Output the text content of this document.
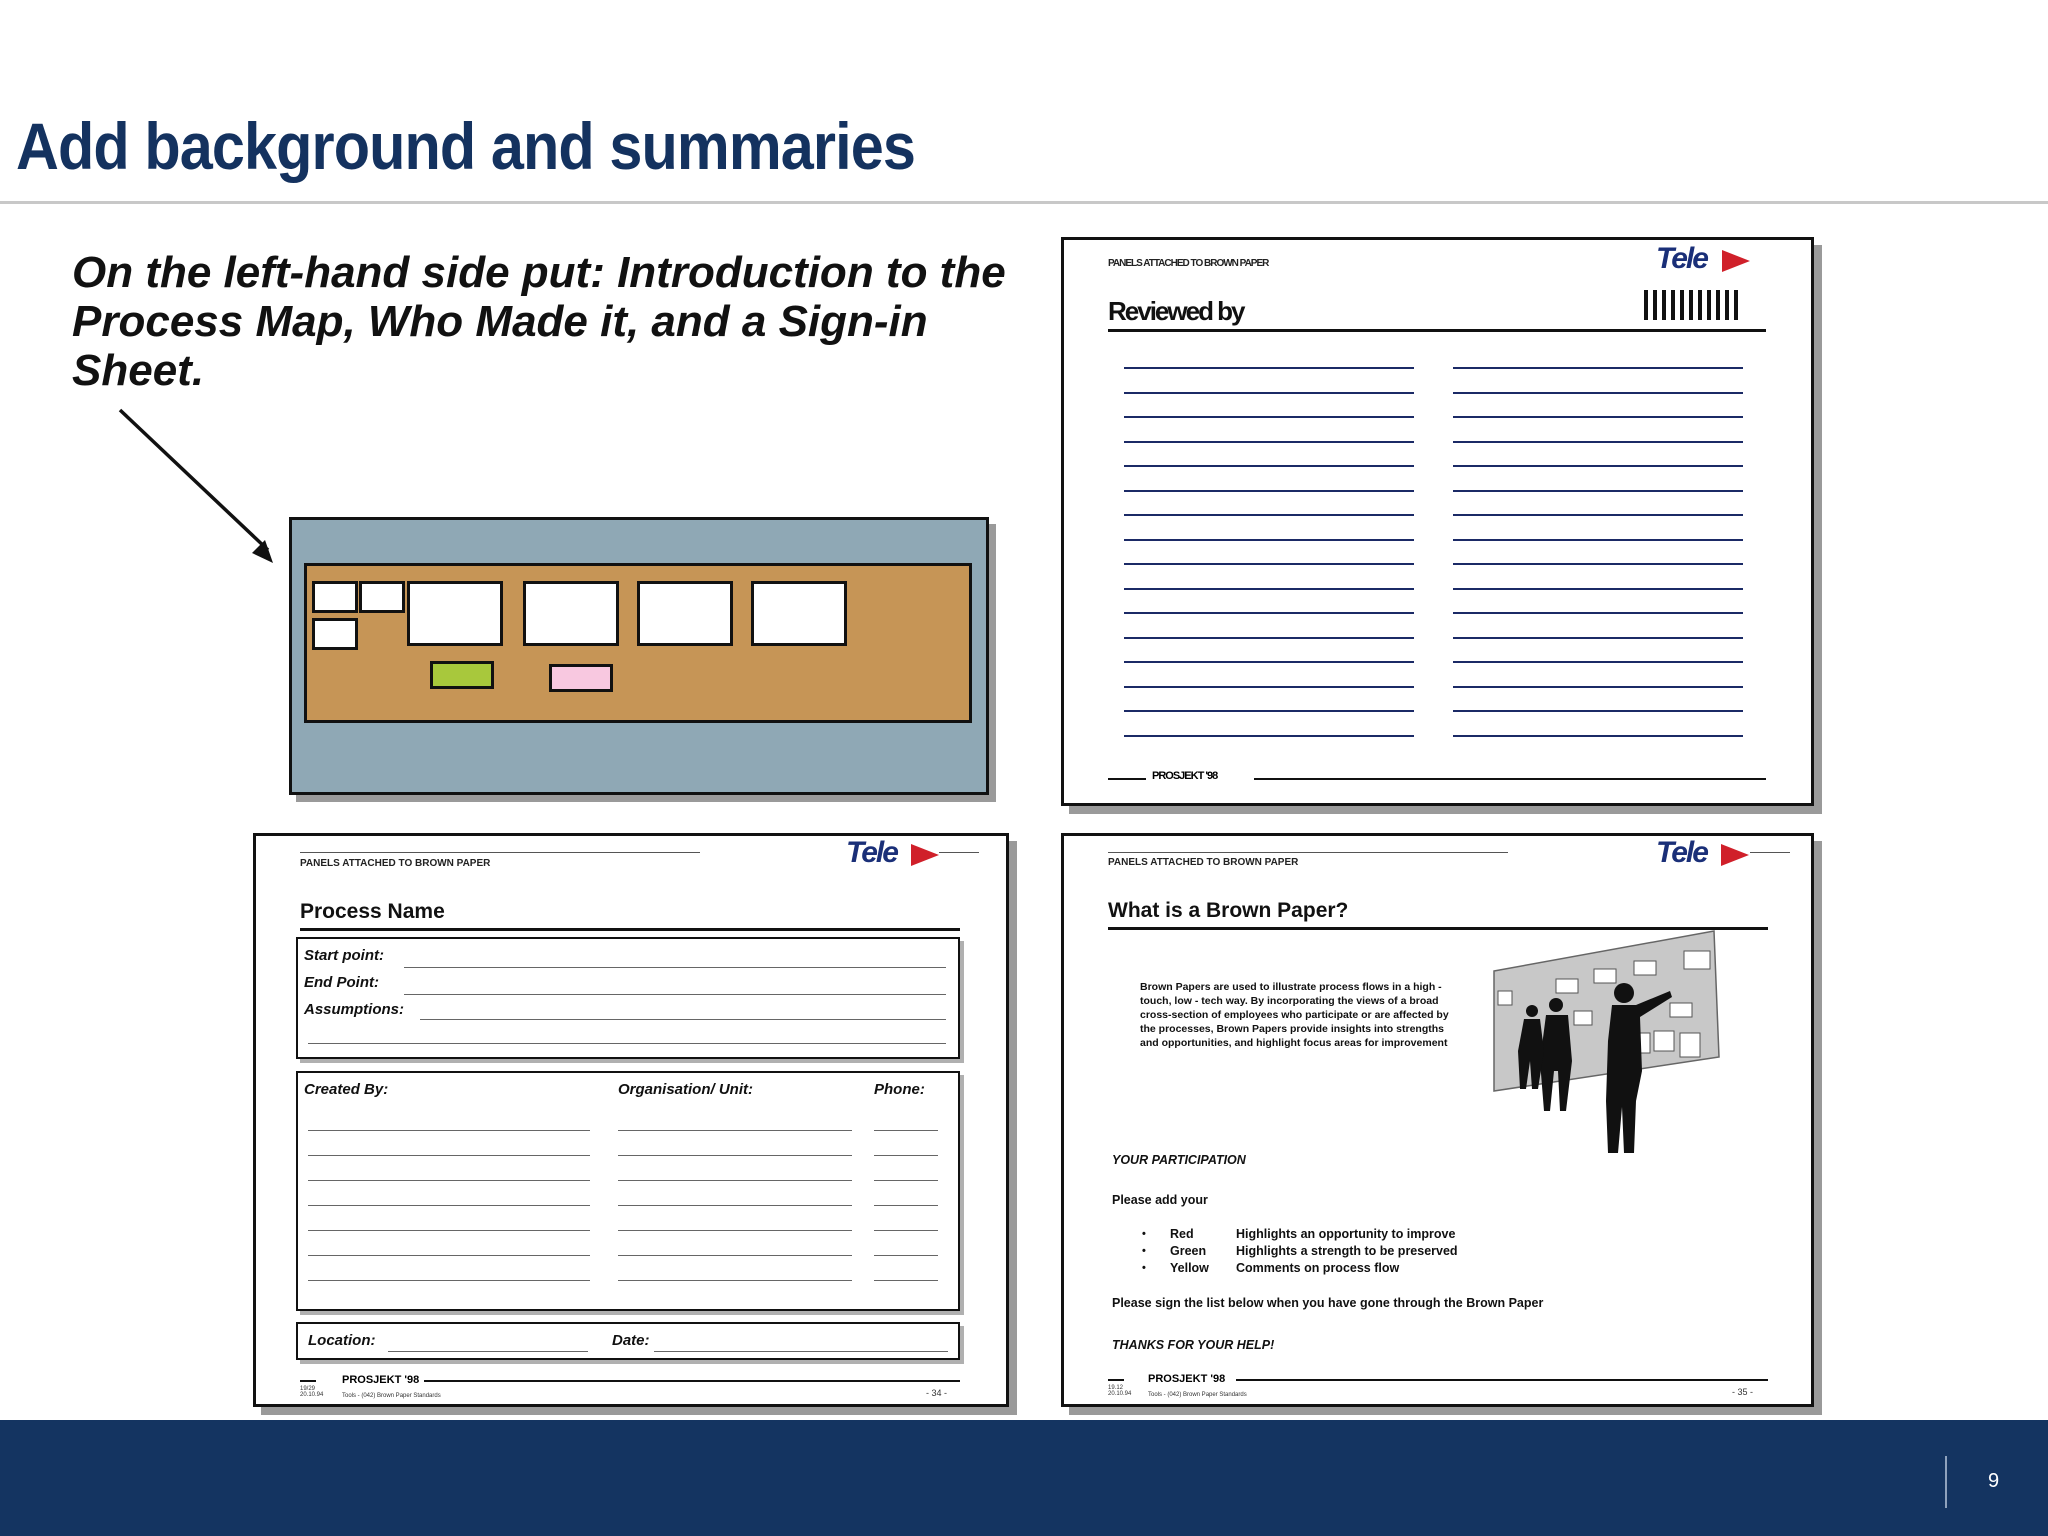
Add background and summaries
On the left-hand side put: Introduction to the Process Map, Who Made it, and a Sign-in Sheet.
PANELS ATTACHED TO BROWN PAPER	Tele
Reviewed by
PROSJEKT '98
PANELS ATTACHED TO BROWN PAPER	Tele
Process Name
Start point:
End Point:
Assumptions:
Created By:	Organisation/ Unit:	Phone:
Location:	Date:
PROSJEKT '98
19/29
20.10.94	Tools - (042) Brown Paper Standards	- 34 -
PANELS ATTACHED TO BROWN PAPER	Tele
What is a Brown Paper?
Brown Papers are used to illustrate process flows in a high - touch, low - tech way. By incorporating the views of a broad cross-section of employees who participate or are affected by the processes, Brown Papers provide insights into strengths and opportunities, and highlight focus areas for improvement
YOUR PARTICIPATION
Please add your
• Red	Highlights an opportunity to improve
• Green Highlights a strength to be preserved
• Yellow Comments on process flow
Please sign the list below when you have gone through the Brown Paper
THANKS FOR YOUR HELP!
PROSJEKT '98
19.12
20.10.94	Tools - (042) Brown Paper Standards	- 35 -
9
